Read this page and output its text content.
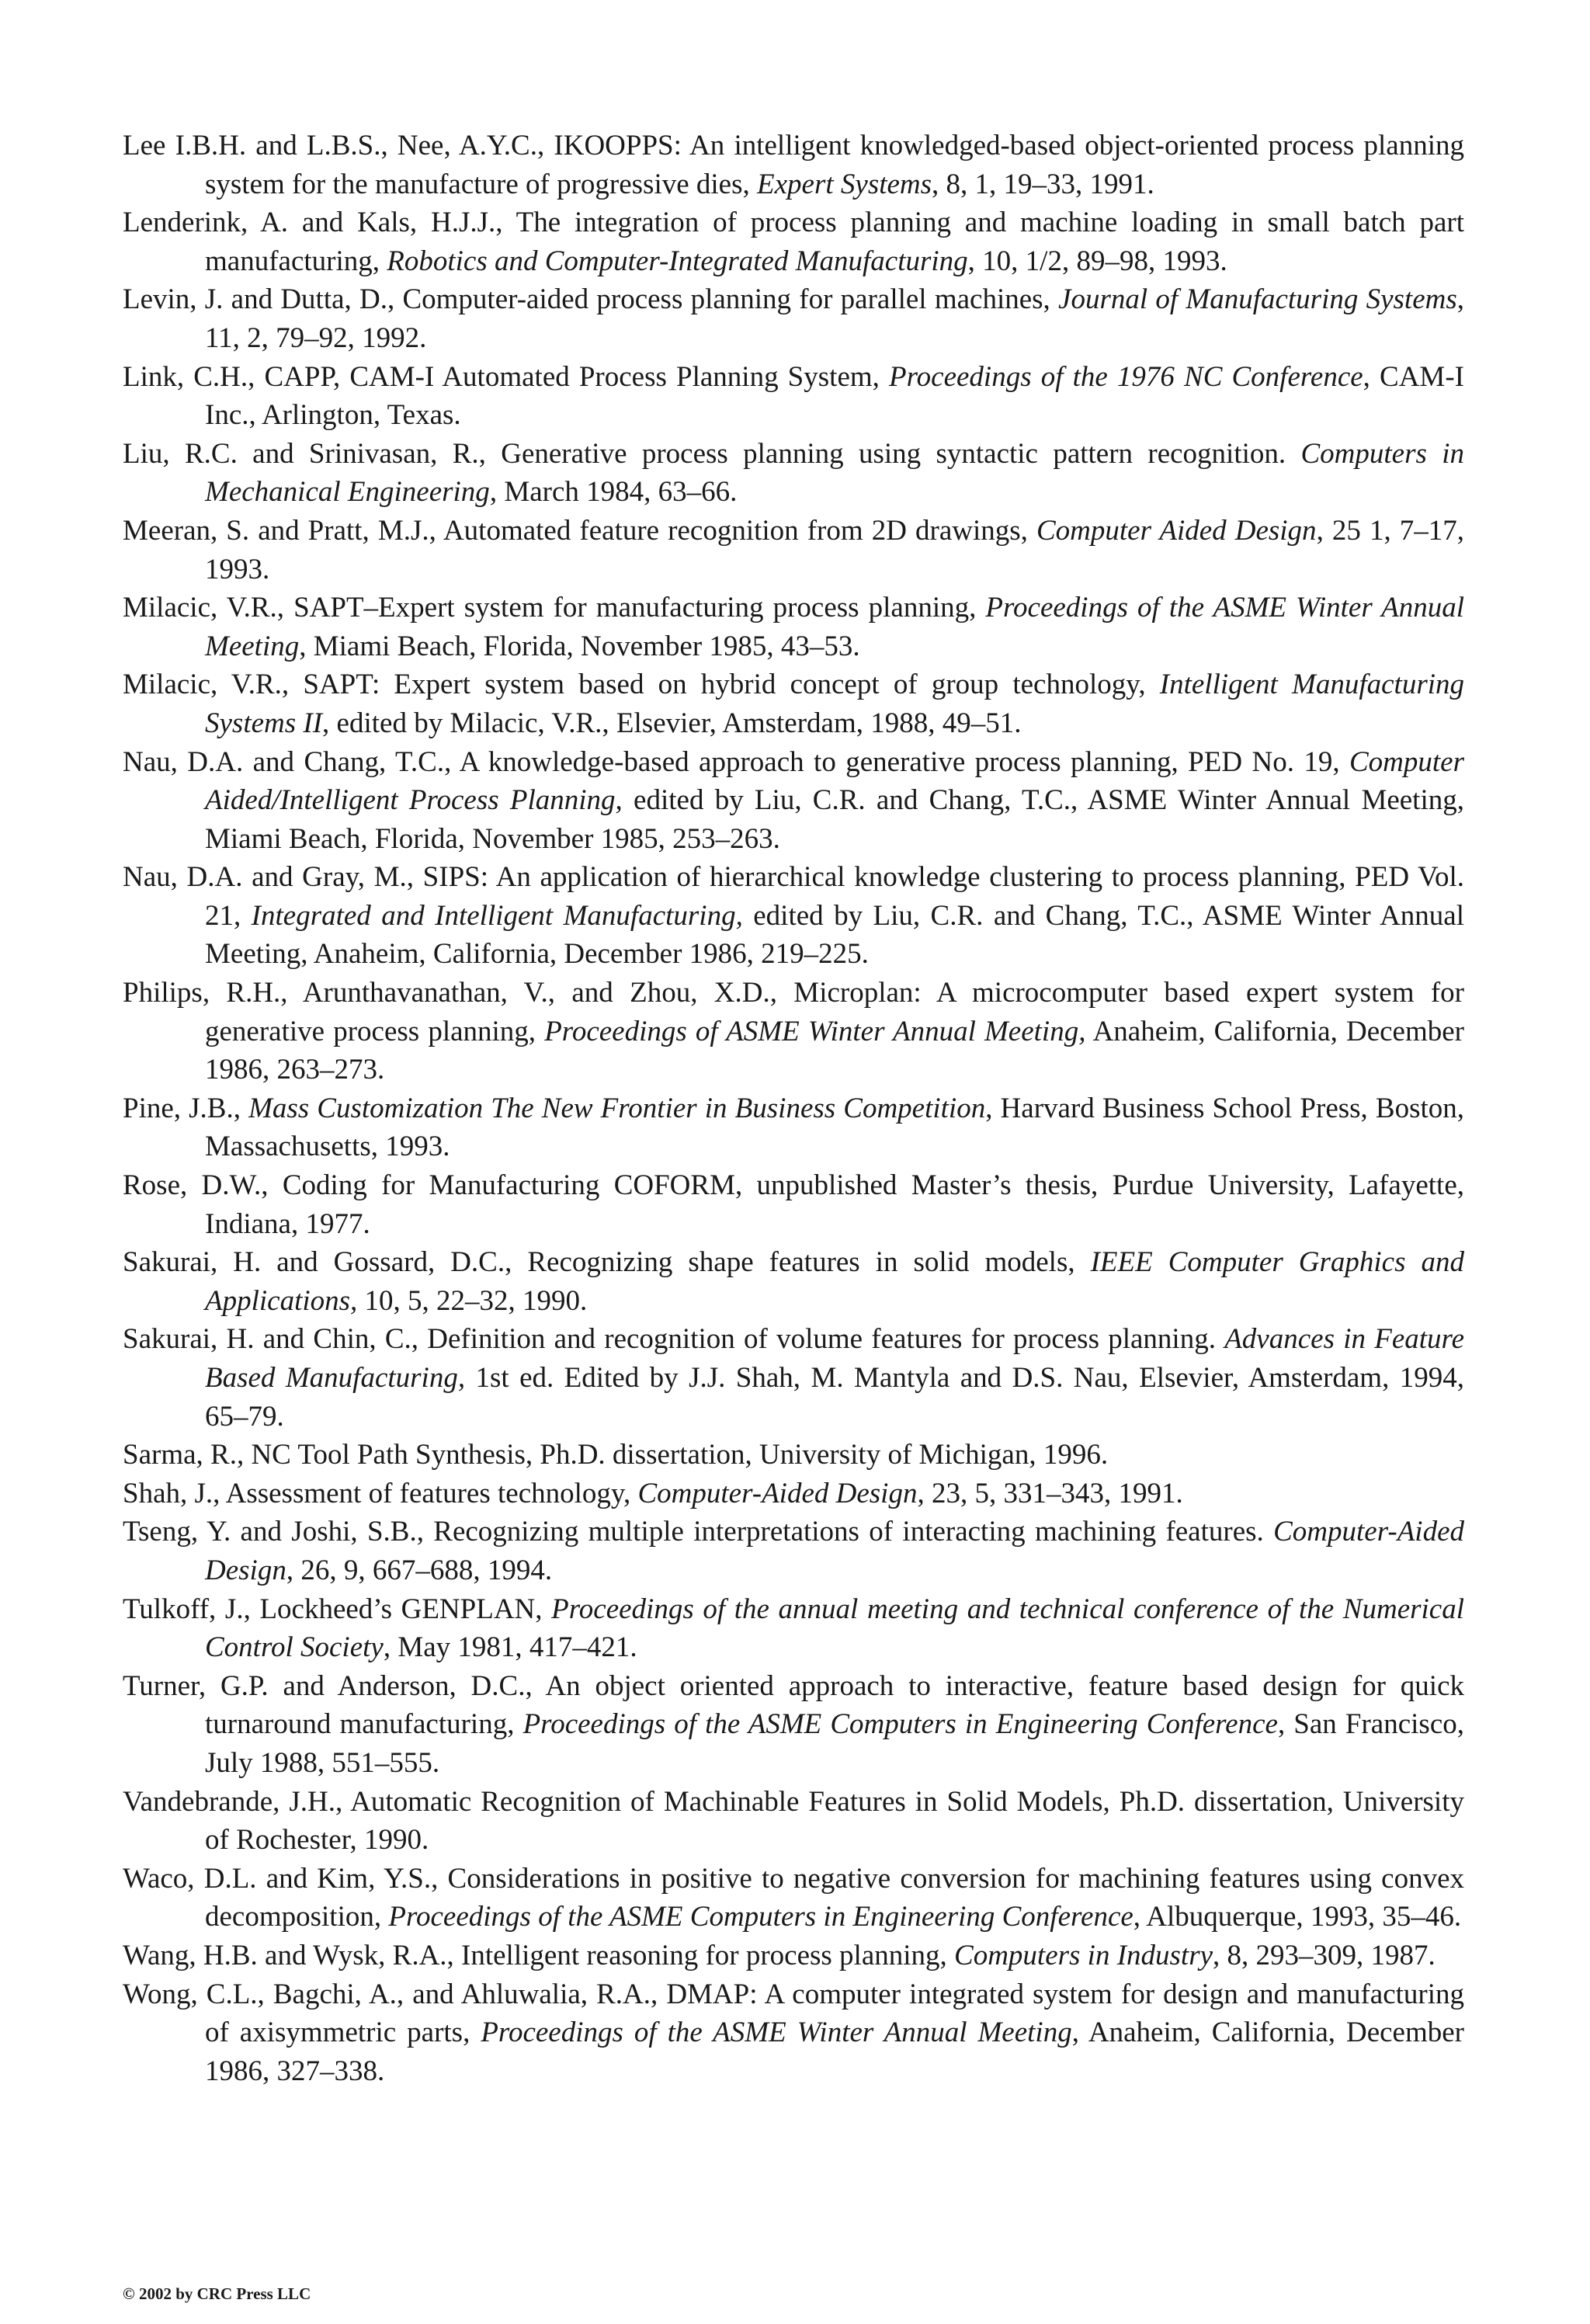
Lee I.B.H. and L.B.S., Nee, A.Y.C., IKOOPPS: An intelligent knowledged-based object-oriented process planning system for the manufacture of progressive dies, Expert Systems, 8, 1, 19–33, 1991.
Lenderink, A. and Kals, H.J.J., The integration of process planning and machine loading in small batch part manufacturing, Robotics and Computer-Integrated Manufacturing, 10, 1/2, 89–98, 1993.
Levin, J. and Dutta, D., Computer-aided process planning for parallel machines, Journal of Manufacturing Systems, 11, 2, 79–92, 1992.
Link, C.H., CAPP, CAM-I Automated Process Planning System, Proceedings of the 1976 NC Conference, CAM-I Inc., Arlington, Texas.
Liu, R.C. and Srinivasan, R., Generative process planning using syntactic pattern recognition. Computers in Mechanical Engineering, March 1984, 63–66.
Meeran, S. and Pratt, M.J., Automated feature recognition from 2D drawings, Computer Aided Design, 25 1, 7–17, 1993.
Milacic, V.R., SAPT–Expert system for manufacturing process planning, Proceedings of the ASME Winter Annual Meeting, Miami Beach, Florida, November 1985, 43–53.
Milacic, V.R., SAPT: Expert system based on hybrid concept of group technology, Intelligent Manufacturing Systems II, edited by Milacic, V.R., Elsevier, Amsterdam, 1988, 49–51.
Nau, D.A. and Chang, T.C., A knowledge-based approach to generative process planning, PED No. 19, Computer Aided/Intelligent Process Planning, edited by Liu, C.R. and Chang, T.C., ASME Winter Annual Meeting, Miami Beach, Florida, November 1985, 253–263.
Nau, D.A. and Gray, M., SIPS: An application of hierarchical knowledge clustering to process planning, PED Vol. 21, Integrated and Intelligent Manufacturing, edited by Liu, C.R. and Chang, T.C., ASME Winter Annual Meeting, Anaheim, California, December 1986, 219–225.
Philips, R.H., Arunthavanathan, V., and Zhou, X.D., Microplan: A microcomputer based expert system for generative process planning, Proceedings of ASME Winter Annual Meeting, Anaheim, California, December 1986, 263–273.
Pine, J.B., Mass Customization The New Frontier in Business Competition, Harvard Business School Press, Boston, Massachusetts, 1993.
Rose, D.W., Coding for Manufacturing COFORM, unpublished Master’s thesis, Purdue University, Lafayette, Indiana, 1977.
Sakurai, H. and Gossard, D.C., Recognizing shape features in solid models, IEEE Computer Graphics and Applications, 10, 5, 22–32, 1990.
Sakurai, H. and Chin, C., Definition and recognition of volume features for process planning. Advances in Feature Based Manufacturing, 1st ed. Edited by J.J. Shah, M. Mantyla and D.S. Nau, Elsevier, Amsterdam, 1994, 65–79.
Sarma, R., NC Tool Path Synthesis, Ph.D. dissertation, University of Michigan, 1996.
Shah, J., Assessment of features technology, Computer-Aided Design, 23, 5, 331–343, 1991.
Tseng, Y. and Joshi, S.B., Recognizing multiple interpretations of interacting machining features. Computer-Aided Design, 26, 9, 667–688, 1994.
Tulkoff, J., Lockheed’s GENPLAN, Proceedings of the annual meeting and technical conference of the Numerical Control Society, May 1981, 417–421.
Turner, G.P. and Anderson, D.C., An object oriented approach to interactive, feature based design for quick turnaround manufacturing, Proceedings of the ASME Computers in Engineering Conference, San Francisco, July 1988, 551–555.
Vandebrande, J.H., Automatic Recognition of Machinable Features in Solid Models, Ph.D. dissertation, University of Rochester, 1990.
Waco, D.L. and Kim, Y.S., Considerations in positive to negative conversion for machining features using convex decomposition, Proceedings of the ASME Computers in Engineering Conference, Albuquerque, 1993, 35–46.
Wang, H.B. and Wysk, R.A., Intelligent reasoning for process planning, Computers in Industry, 8, 293–309, 1987.
Wong, C.L., Bagchi, A., and Ahluwalia, R.A., DMAP: A computer integrated system for design and manufacturing of axisymmetric parts, Proceedings of the ASME Winter Annual Meeting, Anaheim, California, December 1986, 327–338.
© 2002 by CRC Press LLC
